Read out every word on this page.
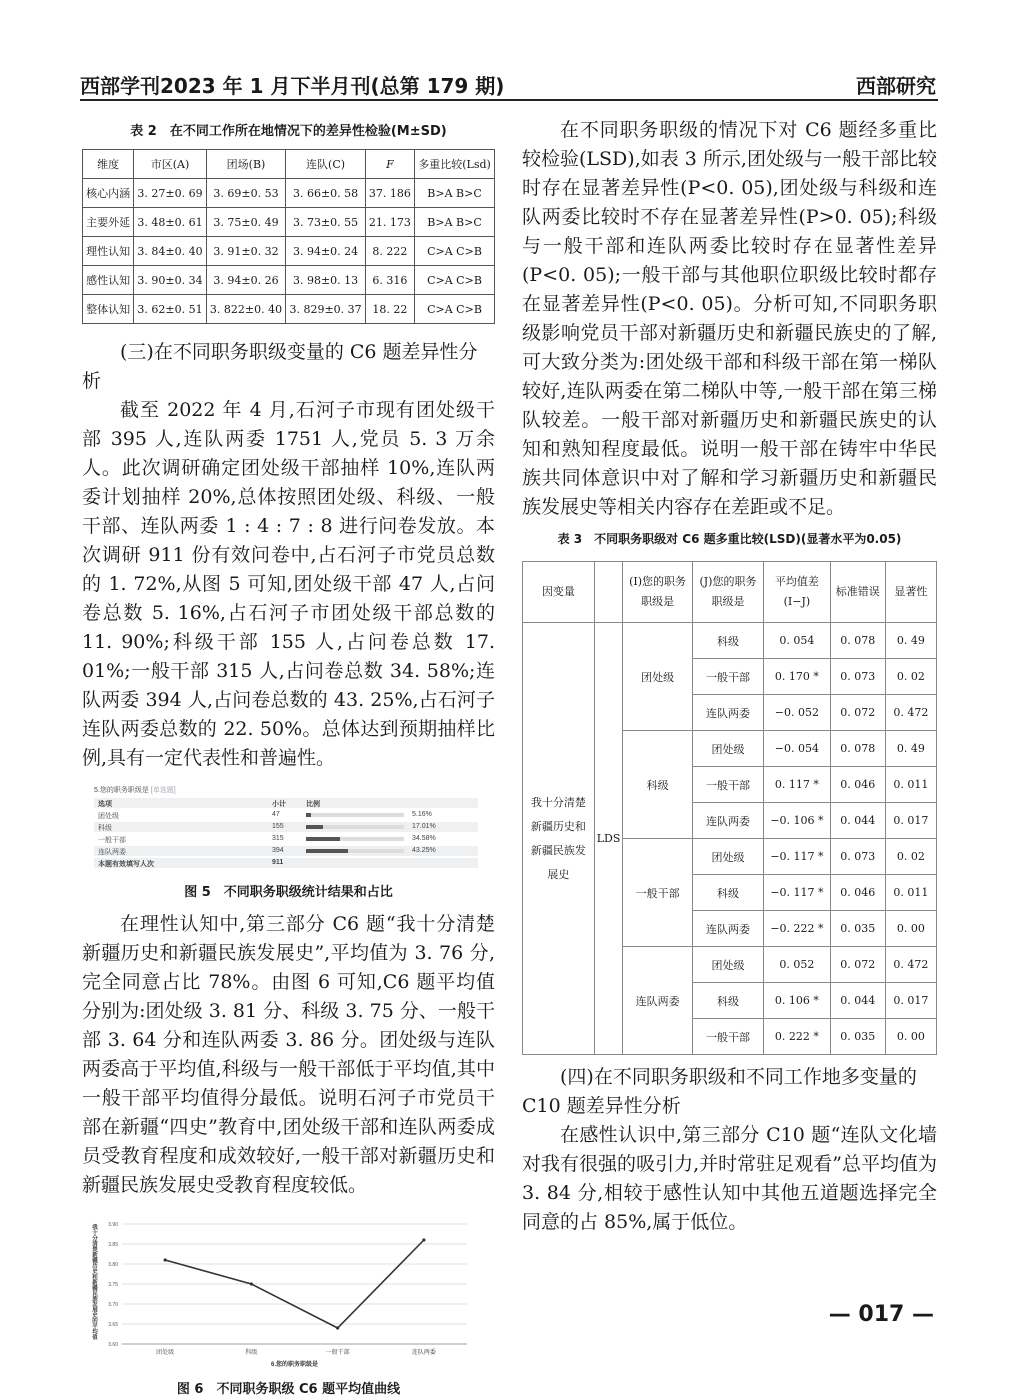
西部学刊2023 年 1 月下半月刊(总第 179 期)	西部研究
表 2　在不同工作所在地情况下的差异性检验(M±SD)
维度	市区(A)	团场(B)	连队(C)	F	多重比较(Lsd)
核心内涵	3. 27±0. 69	3. 69±0. 53	3. 66±0. 58	37. 186	B>A B>C
主要外延	3. 48±0. 61	3. 75±0. 49	3. 73±0. 55	21. 173	B>A B>C
理性认知	3. 84±0. 40	3. 91±0. 32	3. 94±0. 24	8. 222	C>A C>B
感性认知	3. 90±0. 34	3. 94±0. 26	3. 98±0. 13	6. 316	C>A C>B
整体认知	3. 62±0. 51	3. 822±0. 40	3. 829±0. 37	18. 22	C>A C>B

(三)在不同职务职级变量的 C6 题差异性分析

截至 2022 年 4 月,石河子市现有团处级干部 395 人,连队两委 1751 人,党员 5. 3 万余人。此次调研确定团处级干部抽样 10%,连队两委计划抽样 20%,总体按照团处级、科级、一般干部、连队两委 1 : 4 : 7 : 8 进行问卷发放。本次调研 911 份有效问卷中,占石河子市党员总数的 1. 72%,从图 5 可知,团处级干部 47 人,占问卷总数 5. 16%,占石河子市团处级干部总数的 11. 90%;科级干部 155 人,占问卷总数 17. 01%;一般干部 315 人,占问卷总数 34. 58%;连队两委 394 人,占问卷总数的 43. 25%,占石河子连队两委总数的 22. 50%。总体达到预期抽样比例,具有一定代表性和普遍性。

5.您的职务职级是 [单选题]
选项	小计	比例
团处级	47	5.16%
科级	155	17.01%
一般干部	315	34.58%
连队两委	394	43.25%
本题有效填写人次	911
图 5　不同职务职级统计结果和占比

在理性认知中,第三部分 C6 题“我十分清楚新疆历史和新疆民族发展史”,平均值为 3. 76 分,完全同意占比 78%。由图 6 可知,C6 题平均值分别为:团处级 3. 81 分、科级 3. 75 分、一般干部 3. 64 分和连队两委 3. 86 分。团处级与连队两委高于平均值,科级与一般干部低于平均值,其中一般干部平均值得分最低。说明石河子市党员干部在新疆“四史”教育中,团处级干部和连队两委成员受教育程度和成效较好,一般干部对新疆历史和新疆民族发展史受教育程度较低。

3.90
3.85
3.80
3.75
3.70
3.65
3.60
团处级	科级	一般干部	连队两委
6.您的职务职级是
我十分清楚新疆历史和新疆民族发展史的平均值
图 6　不同职务职级 C6 题平均值曲线

在不同职务职级的情况下对 C6 题经多重比较检验(LSD),如表 3 所示,团处级与一般干部比较时存在显著差异性(P<0. 05),团处级与科级和连队两委比较时不存在显著差异性(P>0. 05);科级与一般干部和连队两委比较时存在显著性差异(P<0. 05);一般干部与其他职位职级比较时都存在显著差异性(P<0. 05)。分析可知,不同职务职级影响党员干部对新疆历史和新疆民族史的了解,可大致分类为:团处级干部和科级干部在第一梯队较好,连队两委在第二梯队中等,一般干部在第三梯队较差。一般干部对新疆历史和新疆民族史的认知和熟知程度最低。说明一般干部在铸牢中华民族共同体意识中对了解和学习新疆历史和新疆民族发展史等相关内容存在差距或不足。

表 3　不同职务职级对 C6 题多重比较(LSD)(显著水平为0.05)
因变量		(I)您的职务职级是	(J)您的职务职级是	平均值差(I−J)	标准错误	显著性
我十分清楚新疆历史和新疆民族发展史	LDS	团处级	科级	0. 054	0. 078	0. 49
			一般干部	0. 170 *	0. 073	0. 02
			连队两委	−0. 052	0. 072	0. 472
		科级	团处级	−0. 054	0. 078	0. 49
			一般干部	0. 117 *	0. 046	0. 011
			连队两委	−0. 106 *	0. 044	0. 017
		一般干部	团处级	−0. 117 *	0. 073	0. 02
			科级	−0. 117 *	0. 046	0. 011
			连队两委	−0. 222 *	0. 035	0. 00
		连队两委	团处级	0. 052	0. 072	0. 472
			科级	0. 106 *	0. 044	0. 017
			一般干部	0. 222 *	0. 035	0. 00

(四)在不同职务职级和不同工作地多变量的 C10 题差异性分析

在感性认识中,第三部分 C10 题“连队文化墙对我有很强的吸引力,并时常驻足观看”总平均值为 3. 84 分,相较于感性认知中其他五道题选择完全同意的占 85%,属于低位。

— 017 —
